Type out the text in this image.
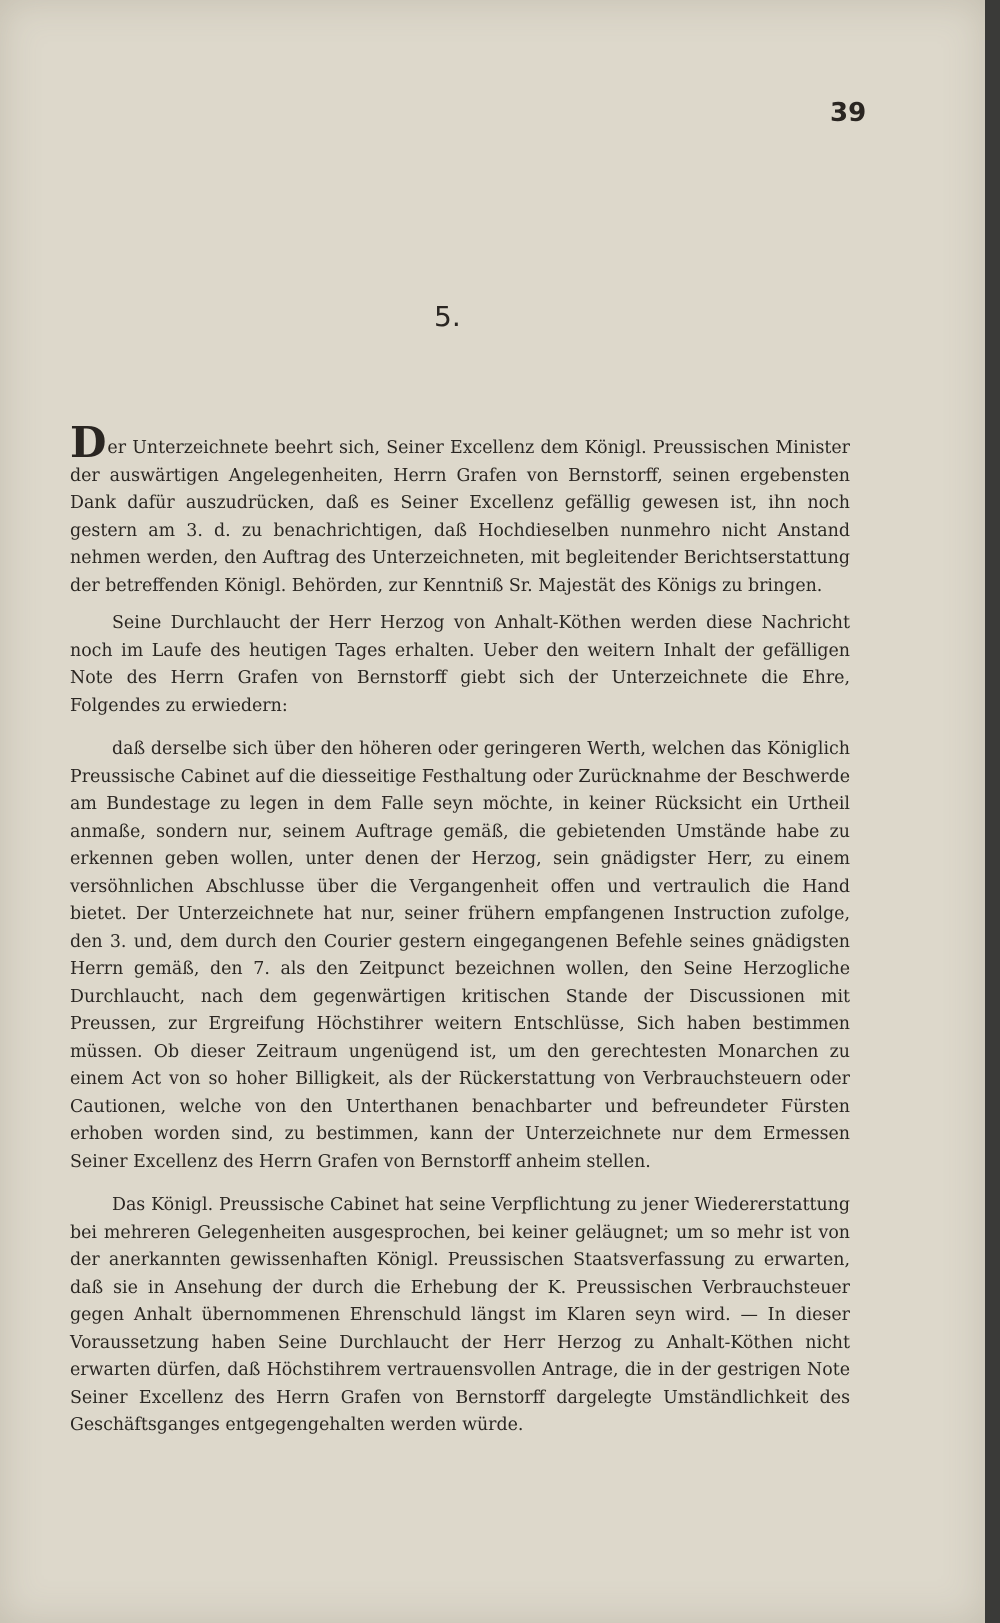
39
5.

Der Unterzeichnete beehrt sich, Seiner Excellenz dem Königl. Preussischen Minister der auswärtigen Angelegenheiten, Herrn Grafen von Bernstorff, seinen ergebensten Dank dafür auszudrücken, daß es Seiner Excellenz gefällig gewesen ist, ihn noch gestern am 3. d. zu benachrichtigen, daß Hochdieselben nunmehro nicht Anstand nehmen werden, den Auftrag des Unterzeichneten, mit begleitender Berichtserstattung der betreffenden Königl. Behörden, zur Kenntniß Sr. Majestät des Königs zu bringen.

Seine Durchlaucht der Herr Herzog von Anhalt-Köthen werden diese Nachricht noch im Laufe des heutigen Tages erhalten. Ueber den weitern Inhalt der gefälligen Note des Herrn Grafen von Bernstorff giebt sich der Unterzeichnete die Ehre, Folgendes zu erwiedern:

daß derselbe sich über den höheren oder geringeren Werth, welchen das Königlich Preussische Cabinet auf die diesseitige Festhaltung oder Zurücknahme der Beschwerde am Bundestage zu legen in dem Falle seyn möchte, in keiner Rücksicht ein Urtheil anmaße, sondern nur, seinem Auftrage gemäß, die gebietenden Umstände habe zu erkennen geben wollen, unter denen der Herzog, sein gnädigster Herr, zu einem versöhnlichen Abschlusse über die Vergangenheit offen und vertraulich die Hand bietet. Der Unterzeichnete hat nur, seiner frühern empfangenen Instruction zufolge, den 3. und, dem durch den Courier gestern eingegangenen Befehle seines gnädigsten Herrn gemäß, den 7. als den Zeitpunct bezeichnen wollen, den Seine Herzogliche Durchlaucht, nach dem gegenwärtigen kritischen Stande der Discussionen mit Preussen, zur Ergreifung Höchstihrer weitern Entschlüsse, Sich haben bestimmen müssen. Ob dieser Zeitraum ungenügend ist, um den gerechtesten Monarchen zu einem Act von so hoher Billigkeit, als der Rückerstattung von Verbrauchsteuern oder Cautionen, welche von den Unterthanen benachbarter und befreundeter Fürsten erhoben worden sind, zu bestimmen, kann der Unterzeichnete nur dem Ermessen Seiner Excellenz des Herrn Grafen von Bernstorff anheim stellen.

Das Königl. Preussische Cabinet hat seine Verpflichtung zu jener Wiedererstattung bei mehreren Gelegenheiten ausgesprochen, bei keiner geläugnet; um so mehr ist von der anerkannten gewissenhaften Königl. Preussischen Staatsverfassung zu erwarten, daß sie in Ansehung der durch die Erhebung der K. Preussischen Verbrauchsteuer gegen Anhalt übernommenen Ehrenschuld längst im Klaren seyn wird. — In dieser Voraussetzung haben Seine Durchlaucht der Herr Herzog zu Anhalt-Köthen nicht erwarten dürfen, daß Höchstihrem vertrauensvollen Antrage, die in der gestrigen Note Seiner Excellenz des Herrn Grafen von Bernstorff dargelegte Umständlichkeit des Geschäftsganges entgegengehalten werden würde.
